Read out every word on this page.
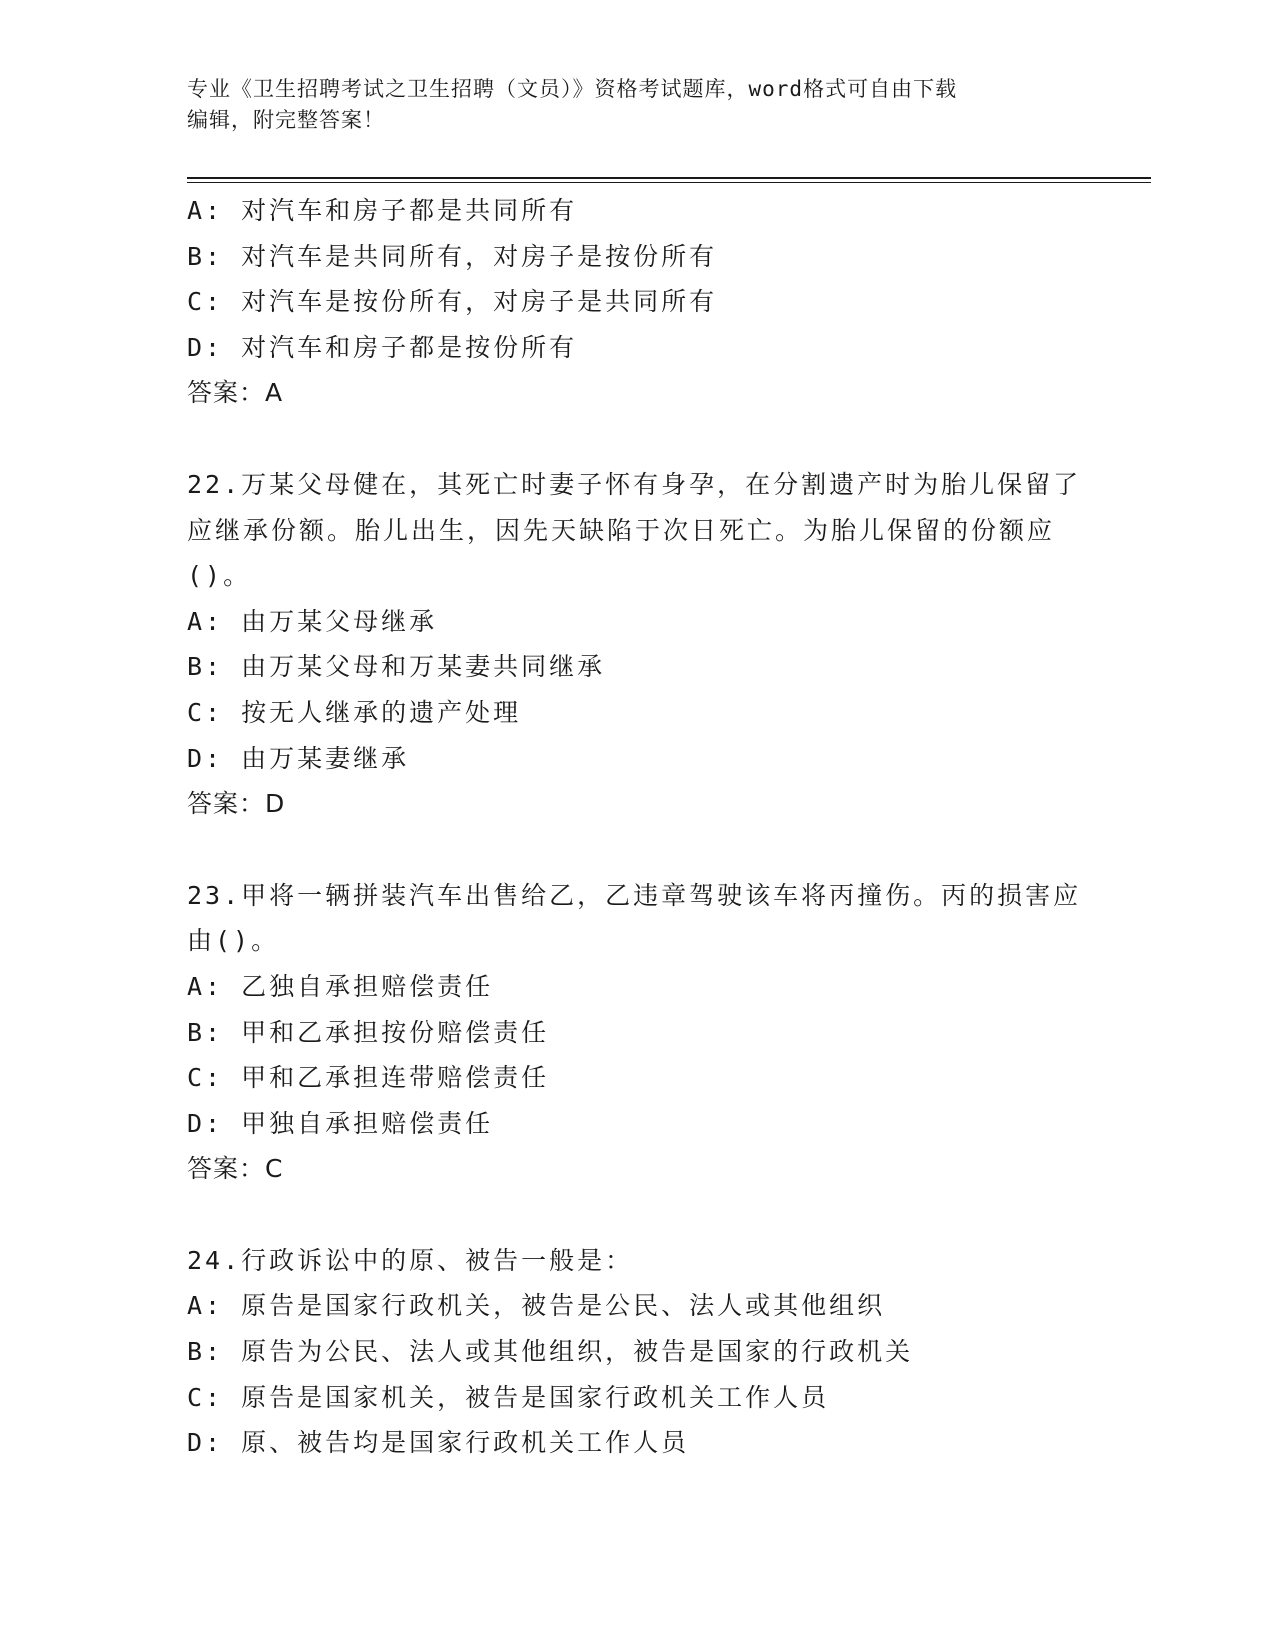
专业《卫生招聘考试之卫生招聘（文员）》资格考试题库，word格式可自由下载
编辑，附完整答案！
A: 对汽车和房子都是共同所有
B: 对汽车是共同所有，对房子是按份所有
C: 对汽车是按份所有，对房子是共同所有
D: 对汽车和房子都是按份所有
答案：A
22.万某父母健在，其死亡时妻子怀有身孕，在分割遗产时为胎儿保留了应继承份额。胎儿出生，因先天缺陷于次日死亡。为胎儿保留的份额应()。
A: 由万某父母继承
B: 由万某父母和万某妻共同继承
C: 按无人继承的遗产处理
D: 由万某妻继承
答案：D
23.甲将一辆拼装汽车出售给乙，乙违章驾驶该车将丙撞伤。丙的损害应由()。
A: 乙独自承担赔偿责任
B: 甲和乙承担按份赔偿责任
C: 甲和乙承担连带赔偿责任
D: 甲独自承担赔偿责任
答案：C
24.行政诉讼中的原、被告一般是：
A: 原告是国家行政机关，被告是公民、法人或其他组织
B: 原告为公民、法人或其他组织，被告是国家的行政机关
C: 原告是国家机关，被告是国家行政机关工作人员
D: 原、被告均是国家行政机关工作人员
